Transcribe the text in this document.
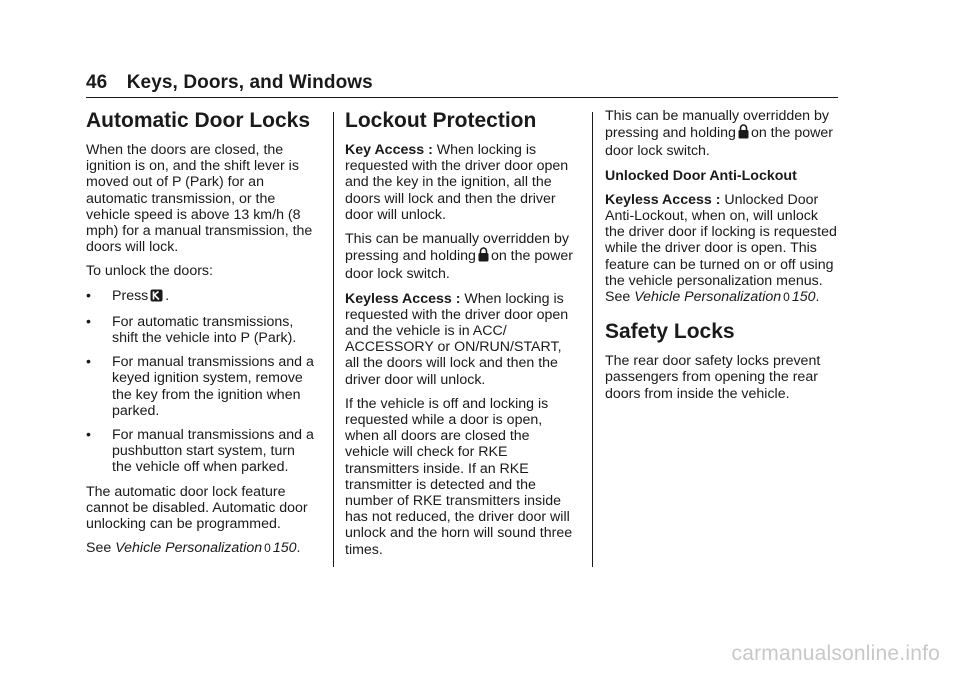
46 Keys, Doors, and Windows
Automatic Door Locks

When the doors are closed, the ignition is on, and the shift lever is moved out of P (Park) for an automatic transmission, or the vehicle speed is above 13 km/h (8 mph) for a manual transmission, the doors will lock.

To unlock the doors:

•	Press .
•	For automatic transmissions, shift the vehicle into P (Park).
•	For manual transmissions and a keyed ignition system, remove the key from the ignition when parked.
•	For manual transmissions and a pushbutton start system, turn the vehicle off when parked.

The automatic door lock feature cannot be disabled. Automatic door unlocking can be programmed.

See Vehicle Personalization 0 150.

Lockout Protection

Key Access : When locking is requested with the driver door open and the key in the ignition, all the doors will lock and then the driver door will unlock.

This can be manually overridden by pressing and holding on the power door lock switch.

Keyless Access : When locking is requested with the driver door open and the vehicle is in ACC/ ACCESSORY or ON/RUN/START, all the doors will lock and then the driver door will unlock.

If the vehicle is off and locking is requested while a door is open, when all doors are closed the vehicle will check for RKE transmitters inside. If an RKE transmitter is detected and the number of RKE transmitters inside has not reduced, the driver door will unlock and the horn will sound three times.

This can be manually overridden by pressing and holding on the power door lock switch.

Unlocked Door Anti-Lockout

Keyless Access : Unlocked Door Anti-Lockout, when on, will unlock the driver door if locking is requested while the driver door is open. This feature can be turned on or off using the vehicle personalization menus. See Vehicle Personalization 0 150.

Safety Locks

The rear door safety locks prevent passengers from opening the rear doors from inside the vehicle.

carmanualsonline.info
